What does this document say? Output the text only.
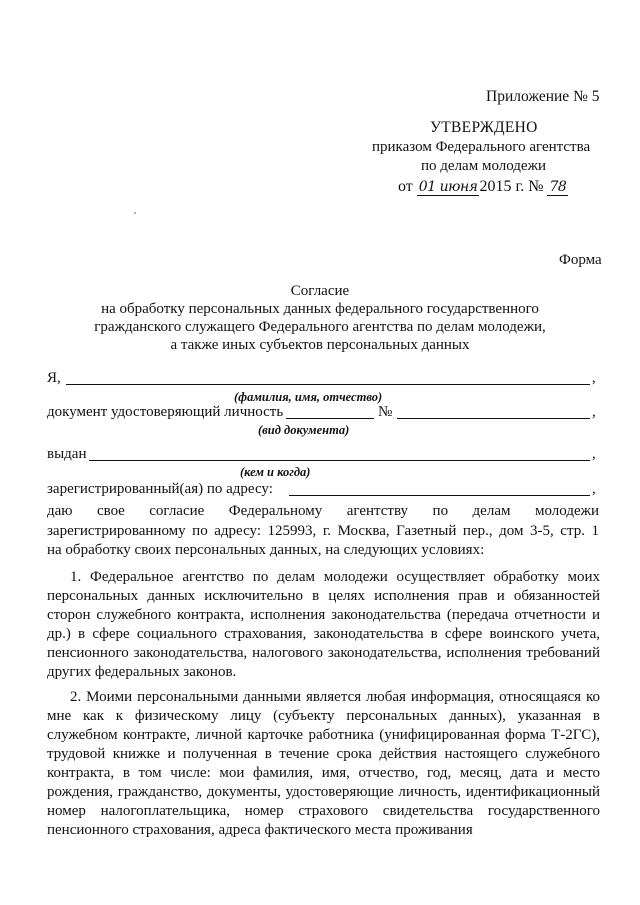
Приложение № 5
УТВЕРЖДЕНО
приказом Федерального агентства
по делам молодежи
от 01 июня 2015 г. № 78
Форма
Согласие
на обработку персональных данных федерального государственного
гражданского служащего Федерального агентства по делам молодежи,
а также иных субъектов персональных данных
Я,	,
(фамилия, имя, отчество)
документ удостоверяющий личность	№	,
(вид документа)
выдан	,
(кем и когда)
зарегистрированный(ая) по адресу:	,
даю своe согласие Федеральному агентству по делам молодежи
зарегистрированному по адресу: 125993, г. Москва, Газетный пер., дом 3-5, стр. 1
на обработку своих персональных данных, на следующих условиях:

1. Федеральное агентство по делам молодежи осуществляет обработку моих персональных данных исключительно в целях исполнения прав и обязанностей сторон служебного контракта, исполнения законодательства (передача отчетности и др.) в сфере социального страхования, законодательства в сфере воинского учета, пенсионного законодательства, налогового законодательства, исполнения требований других федеральных законов.

2. Моими персональными данными является любая информация, относящаяся ко мне как к физическому лицу (субъекту персональных данных), указанная в служебном контракте, личной карточке работника (унифицированная форма Т-2ГС), трудовой книжке и полученная в течение срока действия настоящего служебного контракта, в том числе: мои фамилия, имя, отчество, год, месяц, дата и место рождения, гражданство, документы, удостоверяющие личность, идентификационный номер налогоплательщика, номер страхового свидетельства государственного пенсионного страхования, адреса фактического места проживания
